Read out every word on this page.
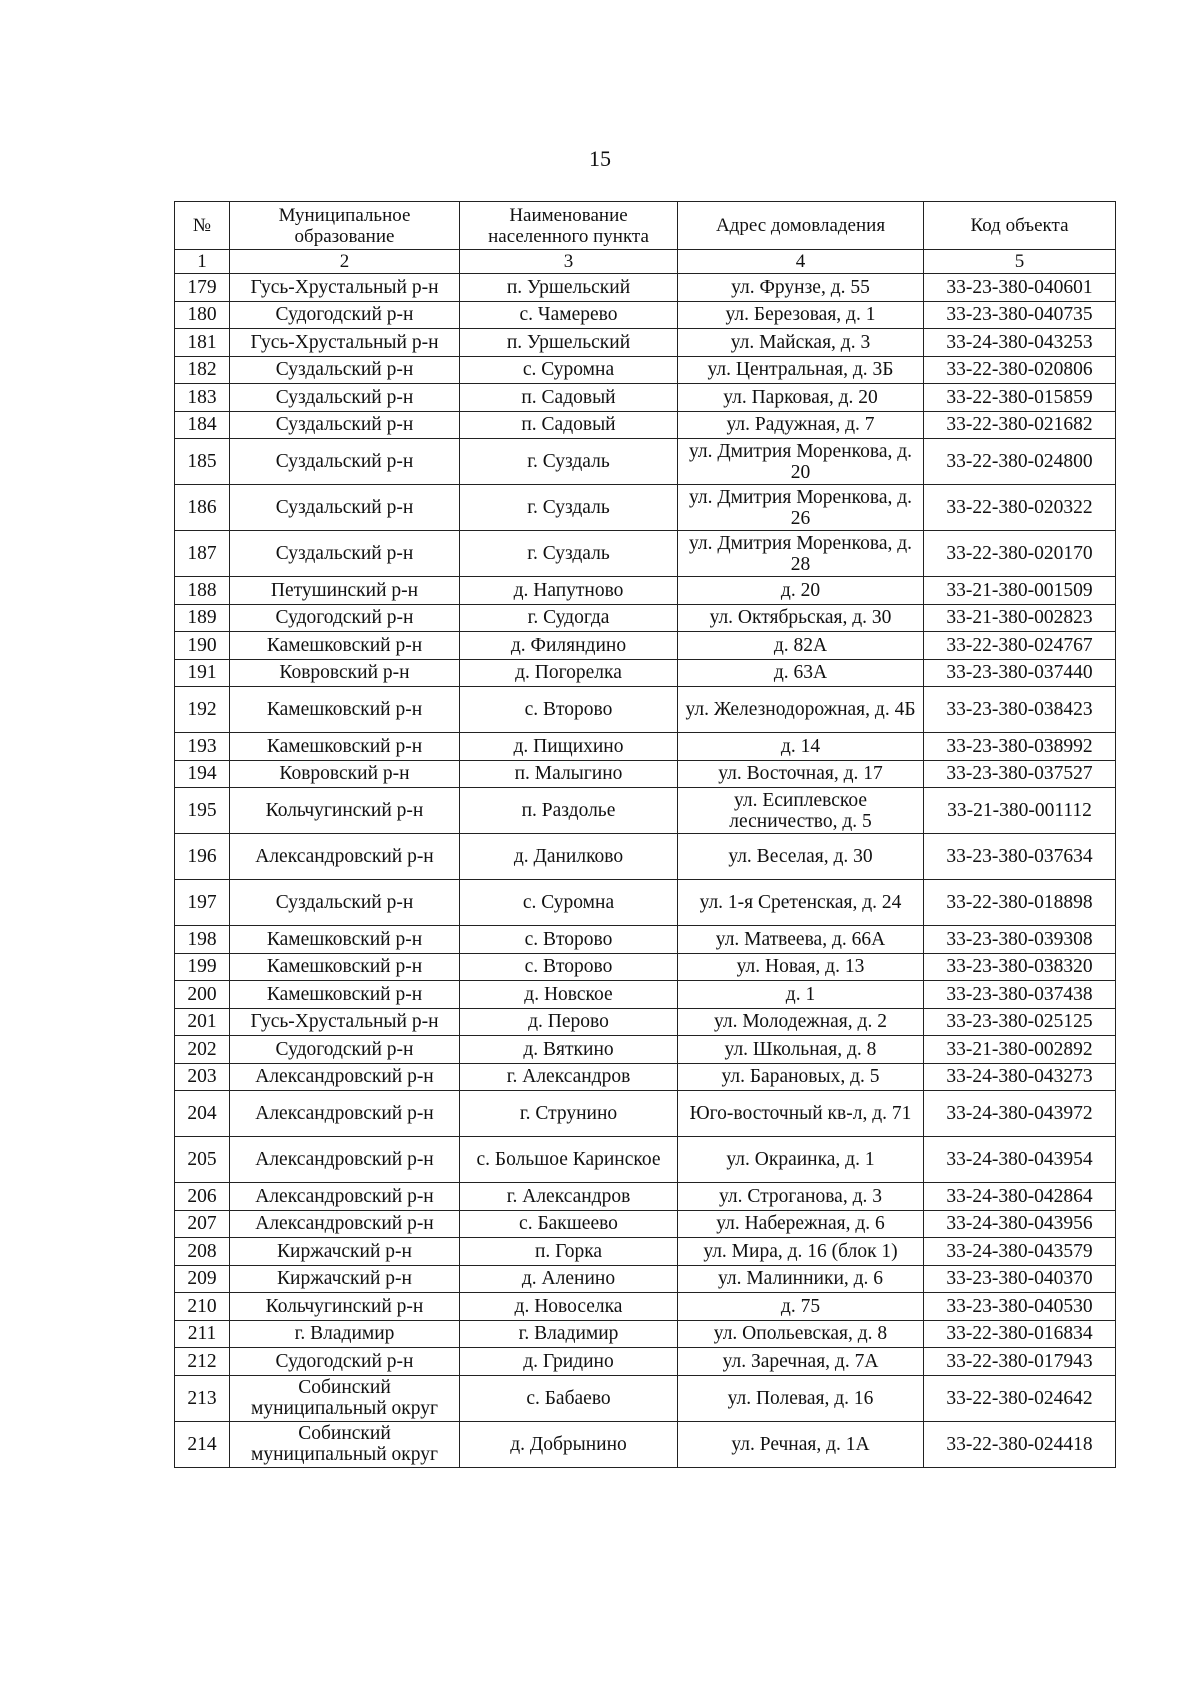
15
№	Муниципальное образование	Наименование населенного пункта	Адрес домовладения	Код объекта
1	2	3	4	5
179	Гусь-Хрустальный р-н	п. Уршельский	ул. Фрунзе, д. 55	33-23-380-040601
180	Судогодский р-н	с. Чамерево	ул. Березовая, д. 1	33-23-380-040735
181	Гусь-Хрустальный р-н	п. Уршельский	ул. Майская, д. 3	33-24-380-043253
182	Суздальский р-н	с. Суромна	ул. Центральная, д. 3Б	33-22-380-020806
183	Суздальский р-н	п. Садовый	ул. Парковая, д. 20	33-22-380-015859
184	Суздальский р-н	п. Садовый	ул. Радужная, д. 7	33-22-380-021682
185	Суздальский р-н	г. Суздаль	ул. Дмитрия Моренкова, д. 20	33-22-380-024800
186	Суздальский р-н	г. Суздаль	ул. Дмитрия Моренкова, д. 26	33-22-380-020322
187	Суздальский р-н	г. Суздаль	ул. Дмитрия Моренкова, д. 28	33-22-380-020170
188	Петушинский р-н	д. Напутново	д. 20	33-21-380-001509
189	Судогодский р-н	г. Судогда	ул. Октябрьская, д. 30	33-21-380-002823
190	Камешковский р-н	д. Филяндино	д. 82А	33-22-380-024767
191	Ковровский р-н	д. Погорелка	д. 63А	33-23-380-037440
192	Камешковский р-н	с. Второво	ул. Железнодорожная, д. 4Б	33-23-380-038423
193	Камешковский р-н	д. Пищихино	д. 14	33-23-380-038992
194	Ковровский р-н	п. Малыгино	ул. Восточная, д. 17	33-23-380-037527
195	Кольчугинский р-н	п. Раздолье	ул. Есиплевское лесничество, д. 5	33-21-380-001112
196	Александровский р-н	д. Данилково	ул. Веселая, д. 30	33-23-380-037634
197	Суздальский р-н	с. Суромна	ул. 1-я Сретенская, д. 24	33-22-380-018898
198	Камешковский р-н	с. Второво	ул. Матвеева, д. 66А	33-23-380-039308
199	Камешковский р-н	с. Второво	ул. Новая, д. 13	33-23-380-038320
200	Камешковский р-н	д. Новское	д. 1	33-23-380-037438
201	Гусь-Хрустальный р-н	д. Перово	ул. Молодежная, д. 2	33-23-380-025125
202	Судогодский р-н	д. Вяткино	ул. Школьная, д. 8	33-21-380-002892
203	Александровский р-н	г. Александров	ул. Барановых, д. 5	33-24-380-043273
204	Александровский р-н	г. Струнино	Юго-восточный кв-л, д. 71	33-24-380-043972
205	Александровский р-н	с. Большое Каринское	ул. Окраинка, д. 1	33-24-380-043954
206	Александровский р-н	г. Александров	ул. Строганова, д. 3	33-24-380-042864
207	Александровский р-н	с. Бакшеево	ул. Набережная, д. 6	33-24-380-043956
208	Киржачский р-н	п. Горка	ул. Мира, д. 16 (блок 1)	33-24-380-043579
209	Киржачский р-н	д. Аленино	ул. Малинники, д. 6	33-23-380-040370
210	Кольчугинский р-н	д. Новоселка	д. 75	33-23-380-040530
211	г. Владимир	г. Владимир	ул. Опольевская, д. 8	33-22-380-016834
212	Судогодский р-н	д. Гридино	ул. Заречная, д. 7А	33-22-380-017943
213	Собинский муниципальный округ	с. Бабаево	ул. Полевая, д. 16	33-22-380-024642
214	Собинский муниципальный округ	д. Добрынино	ул. Речная, д. 1А	33-22-380-024418
